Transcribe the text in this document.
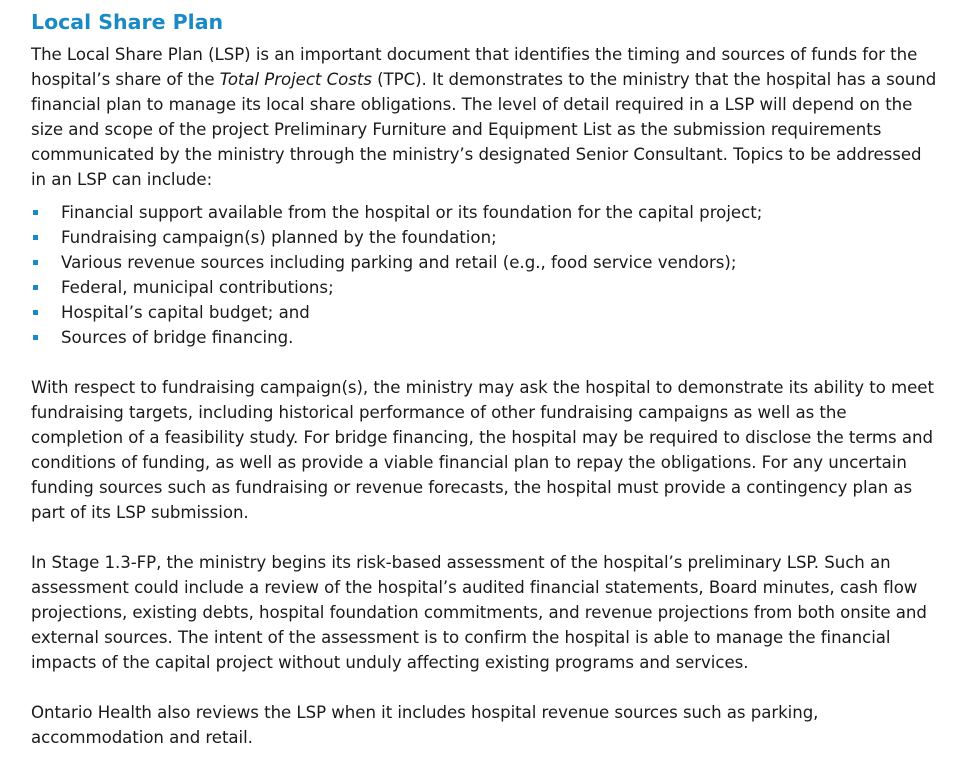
Local Share Plan

The Local Share Plan (LSP) is an important document that identifies the timing and sources of funds for the hospital’s share of the Total Project Costs (TPC). It demonstrates to the ministry that the hospital has a sound financial plan to manage its local share obligations. The level of detail required in a LSP will depend on the size and scope of the project Preliminary Furniture and Equipment List as the submission requirements communicated by the ministry through the ministry’s designated Senior Consultant. Topics to be addressed in an LSP can include:

Financial support available from the hospital or its foundation for the capital project;
Fundraising campaign(s) planned by the foundation;
Various revenue sources including parking and retail (e.g., food service vendors);
Federal, municipal contributions;
Hospital’s capital budget; and
Sources of bridge financing.

With respect to fundraising campaign(s), the ministry may ask the hospital to demonstrate its ability to meet fundraising targets, including historical performance of other fundraising campaigns as well as the completion of a feasibility study. For bridge financing, the hospital may be required to disclose the terms and conditions of funding, as well as provide a viable financial plan to repay the obligations. For any uncertain funding sources such as fundraising or revenue forecasts, the hospital must provide a contingency plan as part of its LSP submission.

In Stage 1.3-FP, the ministry begins its risk-based assessment of the hospital’s preliminary LSP. Such an assessment could include a review of the hospital’s audited financial statements, Board minutes, cash flow projections, existing debts, hospital foundation commitments, and revenue projections from both onsite and external sources. The intent of the assessment is to confirm the hospital is able to manage the financial impacts of the capital project without unduly affecting existing programs and services.

Ontario Health also reviews the LSP when it includes hospital revenue sources such as parking, accommodation and retail.
